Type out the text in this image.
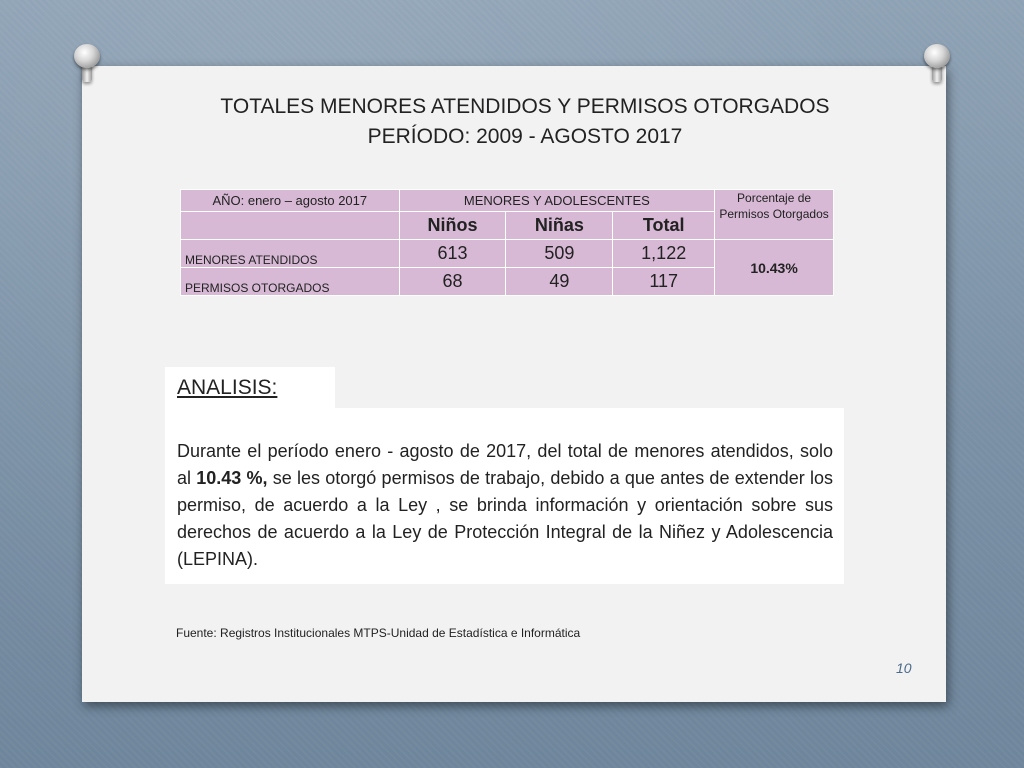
TOTALES MENORES ATENDIDOS Y PERMISOS OTORGADOS
PERÍODO: 2009 - AGOSTO 2017
AÑO: enero – agosto 2017	MENORES Y ADOLESCENTES			Porcentaje de Permisos Otorgados
	Niños	Niñas	Total	
MENORES ATENDIDOS	613	509	1,122	10.43%
PERMISOS OTORGADOS	68	49	117	
ANALISIS:
Durante el período enero - agosto de 2017, del total de menores atendidos, solo al 10.43 %, se les otorgó permisos de trabajo, debido a que antes de extender los permiso, de acuerdo a la Ley , se brinda información y orientación sobre sus derechos de acuerdo a la Ley de Protección Integral de la Niñez y Adolescencia (LEPINA).
Fuente: Registros Institucionales MTPS-Unidad de Estadística e Informática
10
